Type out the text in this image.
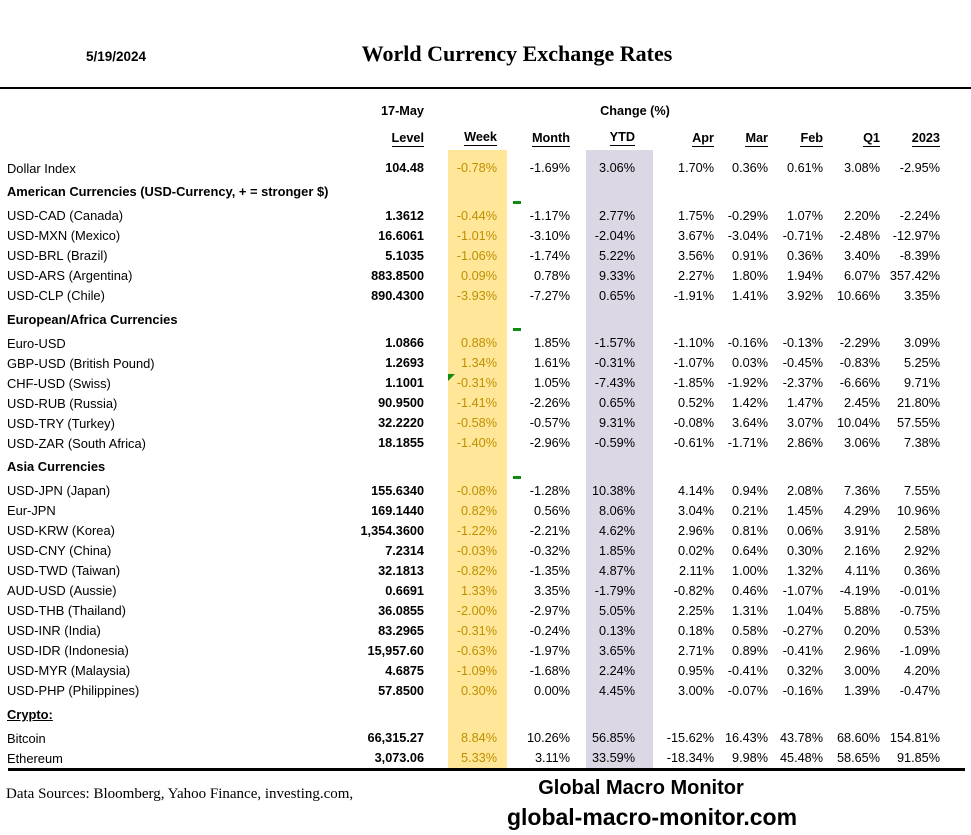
5/19/2024	World Currency Exchange Rates
17-May	Change (%)
Level	Week	Month	YTD	Apr	Mar	Feb	Q1	2023
Dollar Index	104.48	-0.78%	-1.69%	3.06%	1.70%	0.36%	0.61%	3.08%	-2.95%
American Currencies (USD-Currency, + = stronger $)
USD-CAD (Canada)	1.3612	-0.44%	-1.17%	2.77%	1.75%	-0.29%	1.07%	2.20%	-2.24%
USD-MXN (Mexico)	16.6061	-1.01%	-3.10%	-2.04%	3.67%	-3.04%	-0.71%	-2.48%	-12.97%
USD-BRL (Brazil)	5.1035	-1.06%	-1.74%	5.22%	3.56%	0.91%	0.36%	3.40%	-8.39%
USD-ARS (Argentina)	883.8500	0.09%	0.78%	9.33%	2.27%	1.80%	1.94%	6.07% 357.42%
USD-CLP (Chile)	890.4300	-3.93%	-7.27%	0.65%	-1.91%	1.41%	3.92%	10.66%	3.35%
European/Africa Currencies
Euro-USD	1.0866	0.88%	1.85%	-1.57%	-1.10%	-0.16%	-0.13%	-2.29%	3.09%
GBP-USD (British Pound)	1.2693	1.34%	1.61%	-0.31%	-1.07%	0.03%	-0.45%	-0.83%	5.25%
CHF-USD (Swiss)	1.1001	-0.31%	1.05%	-7.43%	-1.85%	-1.92%	-2.37%	-6.66%	9.71%
USD-RUB (Russia)	90.9500	-1.41%	-2.26%	0.65%	0.52%	1.42%	1.47%	2.45%	21.80%
USD-TRY (Turkey)	32.2220	-0.58%	-0.57%	9.31%	-0.08%	3.64%	3.07%	10.04%	57.55%
USD-ZAR (South Africa)	18.1855	-1.40%	-2.96%	-0.59%	-0.61%	-1.71%	2.86%	3.06%	7.38%
Asia Currencies
USD-JPN (Japan)	155.6340	-0.08%	-1.28%	10.38%	4.14%	0.94%	2.08%	7.36%	7.55%
Eur-JPN	169.1440	0.82%	0.56%	8.06%	3.04%	0.21%	1.45%	4.29%	10.96%
USD-KRW (Korea)	1,354.3600	-1.22%	-2.21%	4.62%	2.96%	0.81%	0.06%	3.91%	2.58%
USD-CNY (China)	7.2314	-0.03%	-0.32%	1.85%	0.02%	0.64%	0.30%	2.16%	2.92%
USD-TWD (Taiwan)	32.1813	-0.82%	-1.35%	4.87%	2.11%	1.00%	1.32%	4.11%	0.36%
AUD-USD (Aussie)	0.6691	1.33%	3.35%	-1.79%	-0.82%	0.46%	-1.07%	-4.19%	-0.01%
USD-THB (Thailand)	36.0855	-2.00%	-2.97%	5.05%	2.25%	1.31%	1.04%	5.88%	-0.75%
USD-INR (India)	83.2965	-0.31%	-0.24%	0.13%	0.18%	0.58%	-0.27%	0.20%	0.53%
USD-IDR (Indonesia)	15,957.60	-0.63%	-1.97%	3.65%	2.71%	0.89%	-0.41%	2.96%	-1.09%
USD-MYR (Malaysia)	4.6875	-1.09%	-1.68%	2.24%	0.95%	-0.41%	0.32%	3.00%	4.20%
USD-PHP (Philippines)	57.8500	0.30%	0.00%	4.45%	3.00%	-0.07%	-0.16%	1.39%	-0.47%
Crypto:
Bitcoin	66,315.27	8.84%	10.26%	56.85%	-15.62% 16.43% 43.78%	68.60% 154.81%
Ethereum	3,073.06	5.33%	3.11%	33.59%	-18.34%	9.98% 45.48%	58.65%	91.85%
Data Sources: Bloomberg, Yahoo Finance, investing.com,	Global Macro Monitor
global-macro-monitor.com
